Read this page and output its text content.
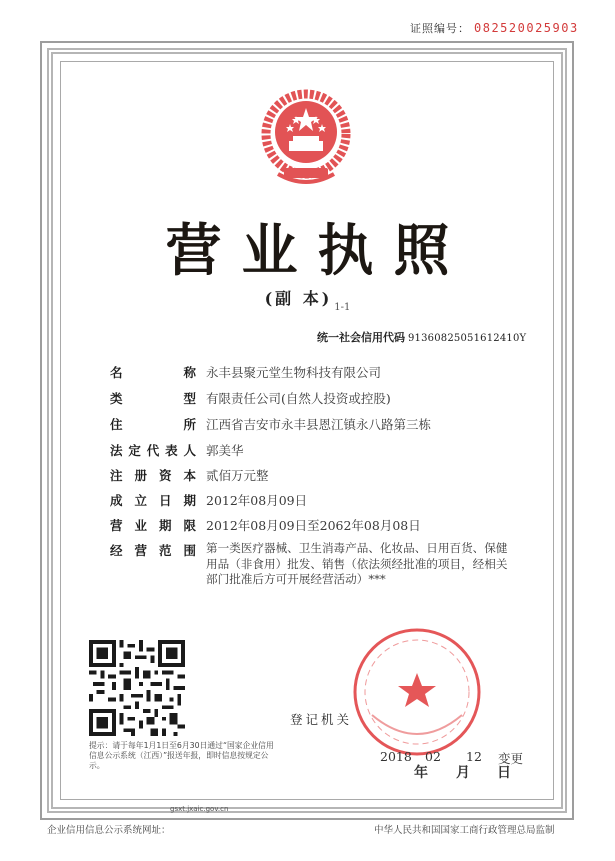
证照编号： 082520025903
营业执照
(副 本) $_{1-1}$
统一社会信用代码 91360825051612410Y
名称 永丰县聚元堂生物科技有限公司
类型 有限责任公司(自然人投资或控股)
住所 江西省吉安市永丰县恩江镇永八路第三栋
法定代表人 郭美华
注册资本 贰佰万元整
成立日期 2012年08月09日
营业期限 2012年08月09日至2062年08月08日
经营范围 第一类医疗器械、卫生消毒产品、化妆品、日用百货、保健用品（非食用）批发、销售（依法须经批准的项目，经相关部门批准后方可开展经营活动）***
提示：请于每年1月1日至6月30日通过“国家企业信用信息公示系统（江西）”报送年报，即时信息按规定公示。
登记机关
2018 02 12 变更
年 月 日
gsxt.jxaic.gov.cn
企业信用信息公示系统网址：	中华人民共和国国家工商行政管理总局监制
